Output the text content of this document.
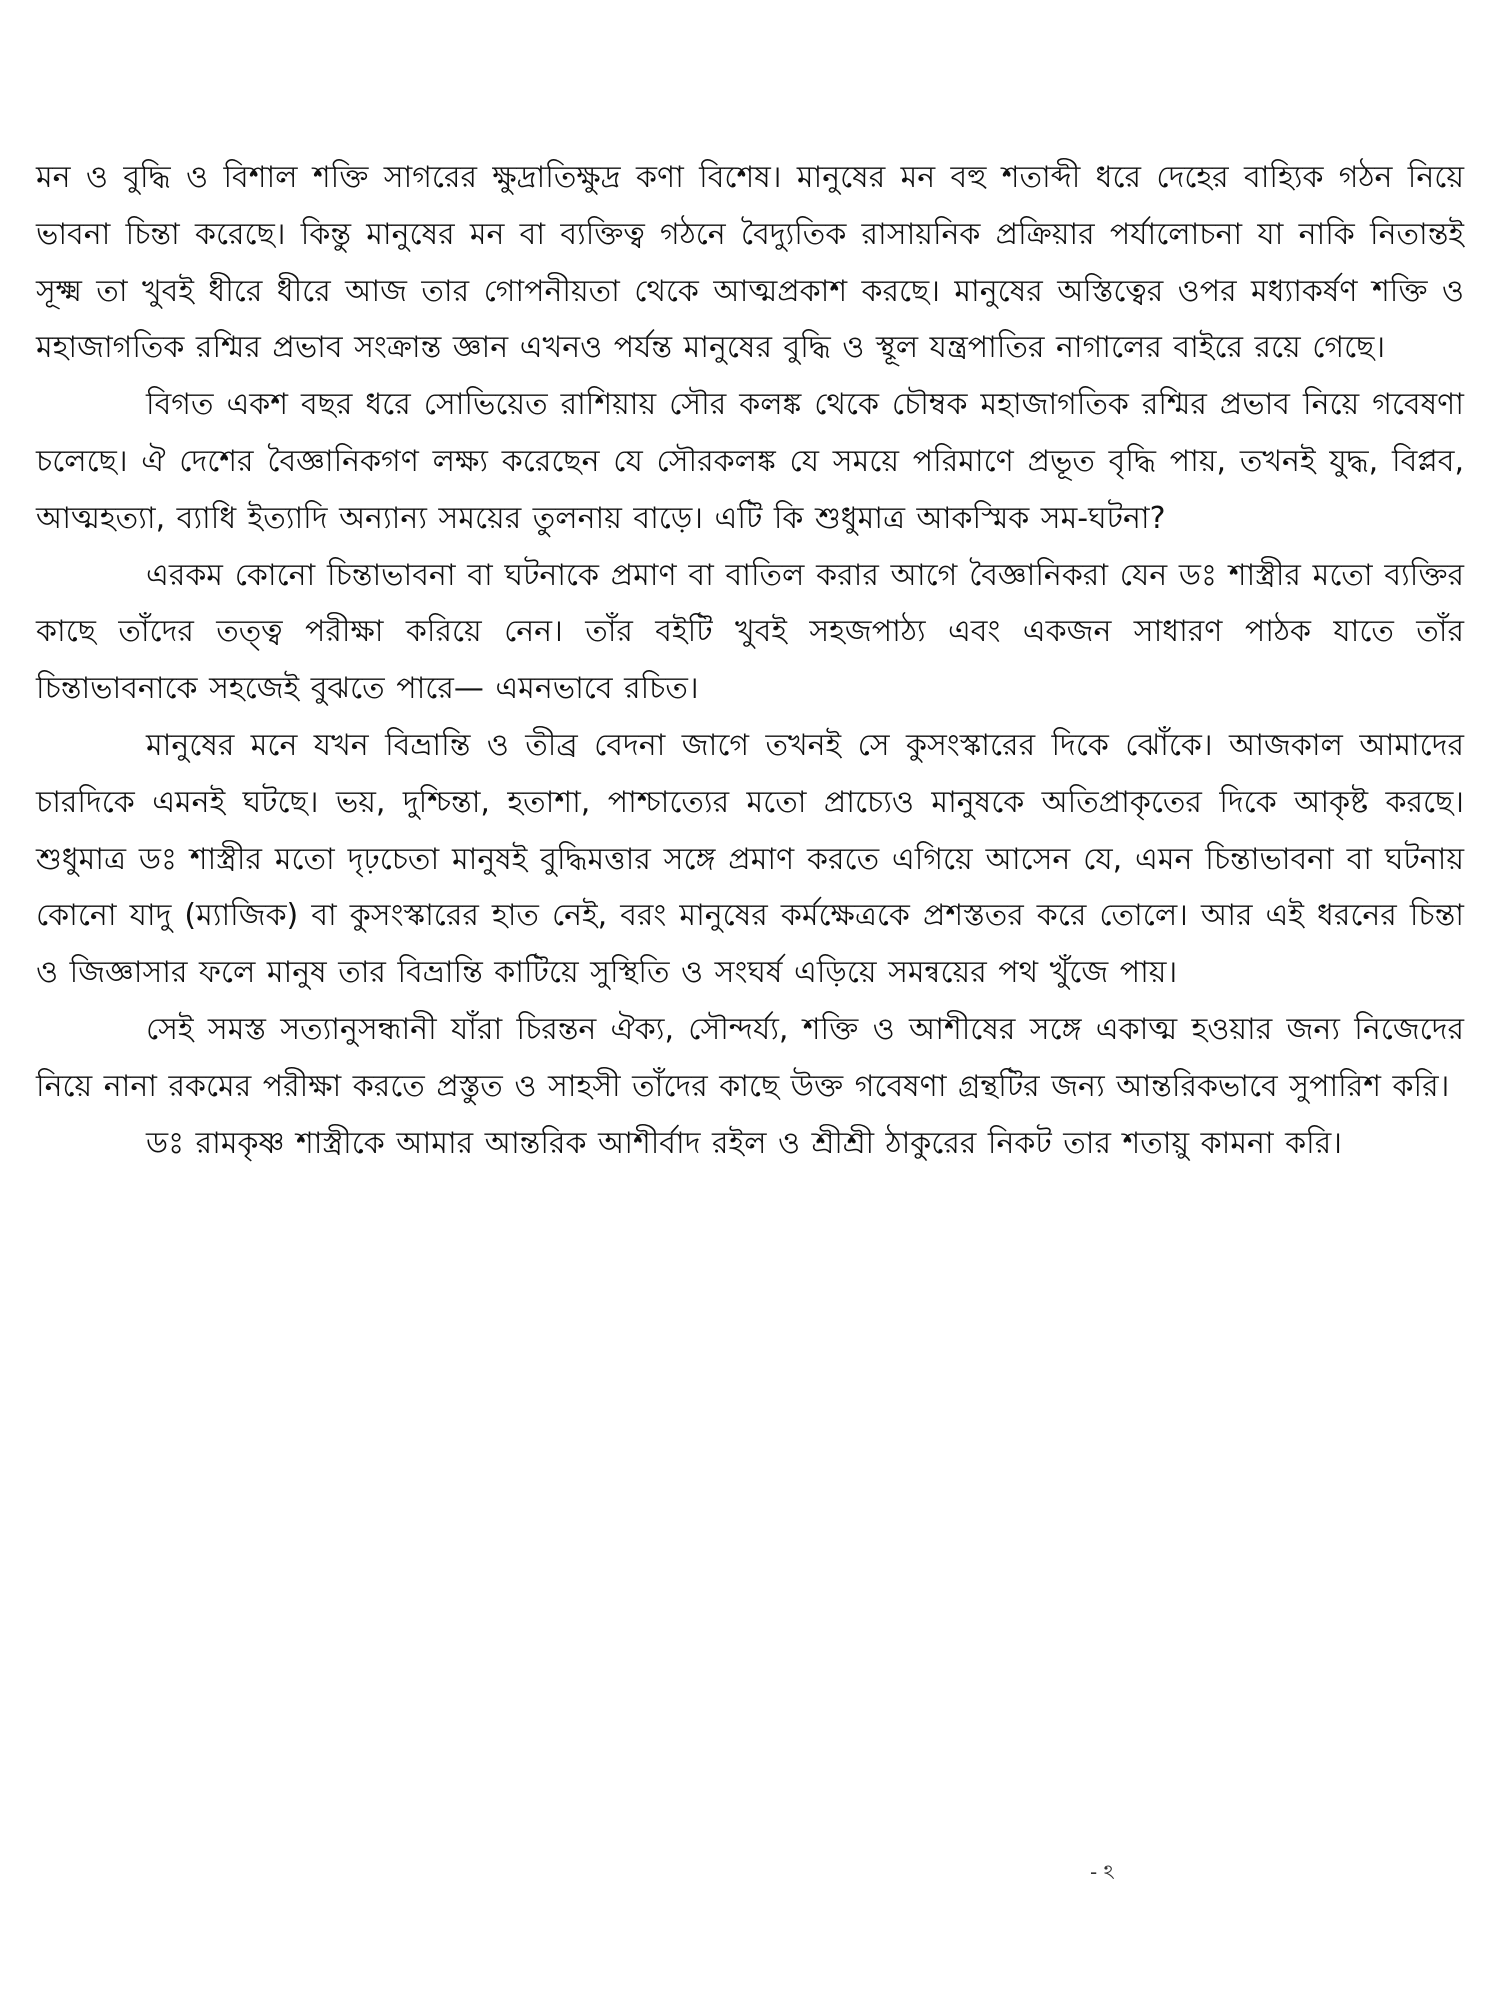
মন ও বুদ্ধি ও বিশাল শক্তি সাগরের ক্ষুদ্রাতিক্ষুদ্র কণা বিশেষ। মানুষের মন বহু শতাব্দী ধরে দেহের বাহ্যিক গঠন নিয়ে ভাবনা চিন্তা করেছে। কিন্তু মানুষের মন বা ব্যক্তিত্ব গঠনে বৈদ্যুতিক রাসায়নিক প্রক্রিয়ার পর্যালোচনা যা নাকি নিতান্তই সূক্ষ্ম তা খুবই ধীরে ধীরে আজ তার গোপনীয়তা থেকে আত্মপ্রকাশ করছে। মানুষের অস্তিত্বের ওপর মধ্যাকর্ষণ শক্তি ও মহাজাগতিক রশ্মির প্রভাব সংক্রান্ত জ্ঞান এখনও পর্যন্ত মানুষের বুদ্ধি ও স্থূল যন্ত্রপাতির নাগালের বাইরে রয়ে গেছে।

বিগত একশ বছর ধরে সোভিয়েত রাশিয়ায় সৌর কলঙ্ক থেকে চৌম্বক মহাজাগতিক রশ্মির প্রভাব নিয়ে গবেষণা চলেছে। ঐ দেশের বৈজ্ঞানিকগণ লক্ষ্য করেছেন যে সৌরকলঙ্ক যে সময়ে পরিমাণে প্রভূত বৃদ্ধি পায়, তখনই যুদ্ধ, বিপ্লব, আত্মহত্যা, ব্যাধি ইত্যাদি অন্যান্য সময়ের তুলনায় বাড়ে। এটি কি শুধুমাত্র আকস্মিক সম-ঘটনা?

এরকম কোনো চিন্তাভাবনা বা ঘটনাকে প্রমাণ বা বাতিল করার আগে বৈজ্ঞানিকরা যেন ডঃ শাস্ত্রীর মতো ব্যক্তির কাছে তাঁদের তত্ত্ব পরীক্ষা করিয়ে নেন। তাঁর বইটি খুবই সহজপাঠ্য এবং একজন সাধারণ পাঠক যাতে তাঁর চিন্তাভাবনাকে সহজেই বুঝতে পারে— এমনভাবে রচিত।

মানুষের মনে যখন বিভ্রান্তি ও তীব্র বেদনা জাগে তখনই সে কুসংস্কারের দিকে ঝোঁকে। আজকাল আমাদের চারদিকে এমনই ঘটছে। ভয়, দুশ্চিন্তা, হতাশা, পাশ্চাত্যের মতো প্রাচ্যেও মানুষকে অতিপ্রাকৃতের দিকে আকৃষ্ট করছে। শুধুমাত্র ডঃ শাস্ত্রীর মতো দৃঢ়চেতা মানুষই বুদ্ধিমত্তার সঙ্গে প্রমাণ করতে এগিয়ে আসেন যে, এমন চিন্তাভাবনা বা ঘটনায় কোনো যাদু (ম্যাজিক) বা কুসংস্কারের হাত নেই, বরং মানুষের কর্মক্ষেত্রকে প্রশস্ততর করে তোলে। আর এই ধরনের চিন্তা ও জিজ্ঞাসার ফলে মানুষ তার বিভ্রান্তি কাটিয়ে সুস্থিতি ও সংঘর্ষ এড়িয়ে সমন্বয়ের পথ খুঁজে পায়।

সেই সমস্ত সত্যানুসন্ধানী যাঁরা চিরন্তন ঐক্য, সৌন্দর্য্য, শক্তি ও আশীষের সঙ্গে একাত্ম হওয়ার জন্য নিজেদের নিয়ে নানা রকমের পরীক্ষা করতে প্রস্তুত ও সাহসী তাঁদের কাছে উক্ত গবেষণা গ্রন্থটির জন্য আন্তরিকভাবে সুপারিশ করি।

ডঃ রামকৃষ্ণ শাস্ত্রীকে আমার আন্তরিক আশীর্বাদ রইল ও শ্রীশ্রী ঠাকুরের নিকট তার শতায়ু কামনা করি।

- ঽ
